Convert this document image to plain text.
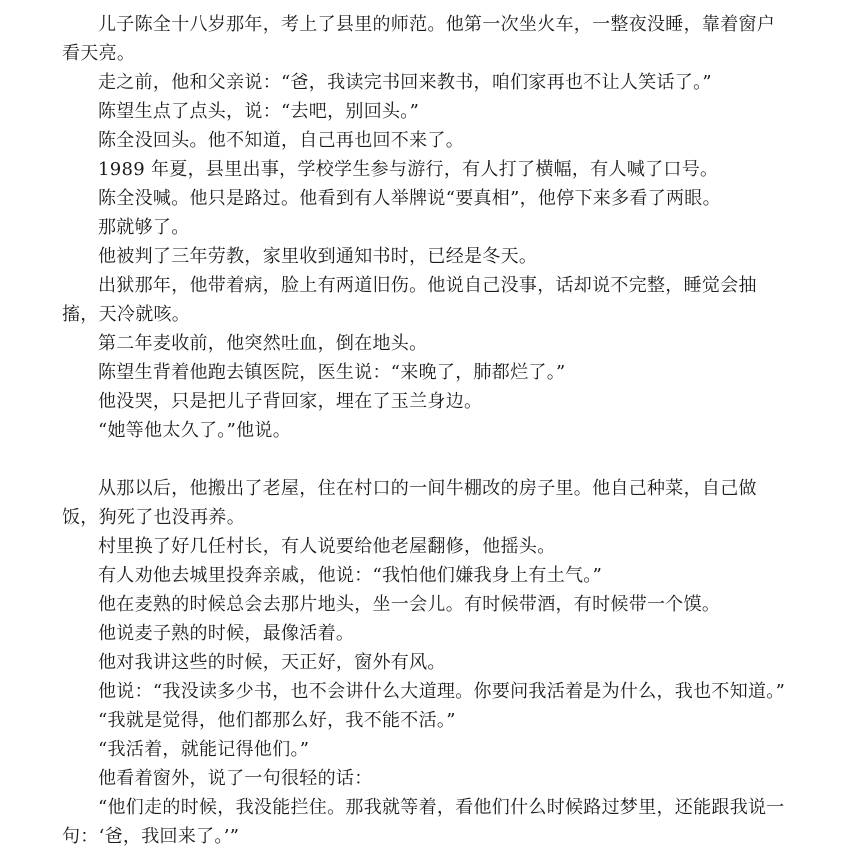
儿子陈全十八岁那年，考上了县里的师范。他第一次坐火车，一整夜没睡，靠着窗户看天亮。

走之前，他和父亲说：“爸，我读完书回来教书，咱们家再也不让人笑话了。”

陈望生点了点头，说：“去吧，别回头。”

陈全没回头。他不知道，自己再也回不来了。

1989 年夏，县里出事，学校学生参与游行，有人打了横幅，有人喊了口号。

陈全没喊。他只是路过。他看到有人举牌说“要真相”，他停下来多看了两眼。

那就够了。

他被判了三年劳教，家里收到通知书时，已经是冬天。

出狱那年，他带着病，脸上有两道旧伤。他说自己没事，话却说不完整，睡觉会抽搐，天冷就咳。

第二年麦收前，他突然吐血，倒在地头。

陈望生背着他跑去镇医院，医生说：“来晚了，肺都烂了。”

他没哭，只是把儿子背回家，埋在了玉兰身边。

“她等他太久了。”他说。

从那以后，他搬出了老屋，住在村口的一间牛棚改的房子里。他自己种菜，自己做饭，狗死了也没再养。

村里换了好几任村长，有人说要给他老屋翻修，他摇头。

有人劝他去城里投奔亲戚，他说：“我怕他们嫌我身上有土气。”

他在麦熟的时候总会去那片地头，坐一会儿。有时候带酒，有时候带一个馍。

他说麦子熟的时候，最像活着。

他对我讲这些的时候，天正好，窗外有风。

他说：“我没读多少书，也不会讲什么大道理。你要问我活着是为什么，我也不知道。”

“我就是觉得，他们都那么好，我不能不活。”

“我活着，就能记得他们。”

他看着窗外，说了一句很轻的话：

“他们走的时候，我没能拦住。那我就等着，看他们什么时候路过梦里，还能跟我说一句：‘爸，我回来了。’”
